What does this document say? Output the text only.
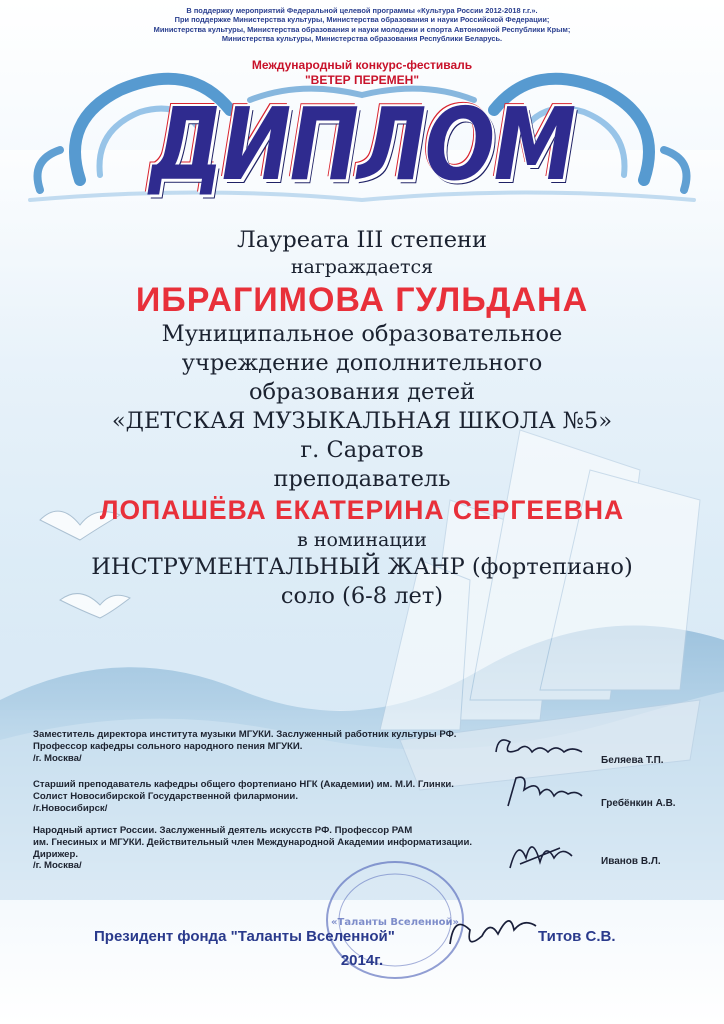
В поддержку мероприятий Федеральной целевой программы «Культура России 2012-2018 г.г.».
При поддержке Министерства культуры, Министерства образования и науки Российской Федерации;
Министерства культуры, Министерства образования и науки молодежи и спорта Автономной Республики Крым;
Министерства культуры, Министерства образования Республики Беларусь.
Международный конкурс-фестиваль
"ВЕТЕР ПЕРЕМЕН"
ДИПЛОМ
Лауреата III степени
награждается
ИБРАГИМОВА ГУЛЬДАНА
Муниципальное образовательное
учреждение дополнительного
образования детей
«ДЕТСКАЯ МУЗЫКАЛЬНАЯ ШКОЛА №5»
г. Саратов
преподаватель
ЛОПАШЁВА ЕКАТЕРИНА СЕРГЕЕВНА
в номинации
ИНСТРУМЕНТАЛЬНЫЙ ЖАНР (фортепиано)
соло (6-8 лет)
Заместитель директора института музыки МГУКИ. Заслуженный работник культуры РФ.
Профессор кафедры сольного народного пения МГУКИ.
/г. Москва/	Беляева Т.П.
Старший преподаватель кафедры общего фортепиано НГК (Академии) им. М.И. Глинки.
Солист Новосибирской Государственной филармонии.
/г.Новосибирск/	Гребёнкин А.В.
Народный артист России. Заслуженный деятель искусств РФ. Профессор РАМ
им. Гнесиных и МГУКИ. Действительный член Международной Академии информатизации.
Дирижер.
/г. Москва/	Иванов В.Л.
«Таланты Вселенной»
Президент фонда "Таланты Вселенной"	Титов С.В.
2014г.
